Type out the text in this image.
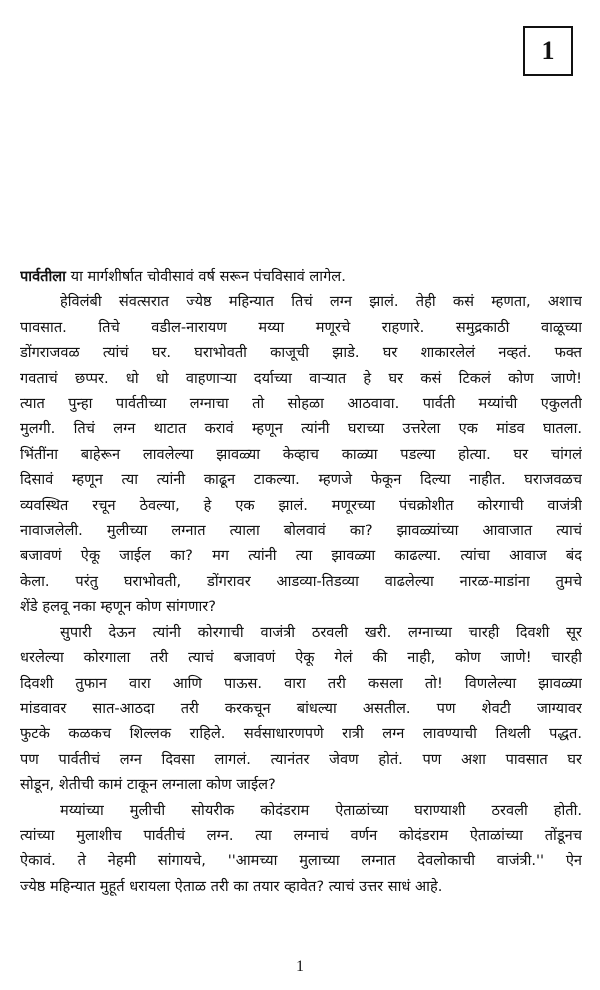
1
पार्वतीला या मार्गशीर्षात चोवीसावं वर्ष सरून पंचविसावं लागेल.
हेविलंबी संवत्सरात ज्येष्ठ महिन्यात तिचं लग्न झालं. तेही कसं म्हणता, अशाच
पावसात. तिचे वडील-नारायण मय्या मणूरचे राहणारे. समुद्रकाठी वाळूच्या
डोंगराजवळ त्यांचं घर. घराभोवती काजूची झाडे. घर शाकारलेलं नव्हतं. फक्त
गवताचं छप्पर. धो धो वाहणाऱ्या दर्याच्या वाऱ्यात हे घर कसं टिकलं कोण जाणे!
त्यात पुन्हा पार्वतीच्या लग्नाचा तो सोहळा आठवावा. पार्वती मय्यांची एकुलती
मुलगी. तिचं लग्न थाटात करावं म्हणून त्यांनी घराच्या उत्तरेला एक मांडव घातला.
भिंतींना बाहेरून लावलेल्या झावळ्या केव्हाच काळ्या पडल्या होत्या. घर चांगलं
दिसावं म्हणून त्या त्यांनी काढून टाकल्या. म्हणजे फेकून दिल्या नाहीत. घराजवळच
व्यवस्थित रचून ठेवल्या, हे एक झालं. मणूरच्या पंचक्रोशीत कोरगाची वाजंत्री
नावाजलेली. मुलीच्या लग्नात त्याला बोलवावं का? झावळ्यांच्या आवाजात त्याचं
बजावणं ऐकू जाईल का? मग त्यांनी त्या झावळ्या काढल्या. त्यांचा आवाज बंद
केला. परंतु घराभोवती, डोंगरावर आडव्या-तिडव्या वाढलेल्या नारळ-माडांना तुमचे
शेंडे हलवू नका म्हणून कोण सांगणार?
सुपारी देऊन त्यांनी कोरगाची वाजंत्री ठरवली खरी. लग्नाच्या चारही दिवशी सूर
धरलेल्या कोरगाला तरी त्याचं बजावणं ऐकू गेलं की नाही, कोण जाणे! चारही
दिवशी तुफान वारा आणि पाऊस. वारा तरी कसला तो! विणलेल्या झावळ्या
मांडवावर सात-आठदा तरी करकचून बांधल्या असतील. पण शेवटी जाग्यावर
फुटके कळकच शिल्लक राहिले. सर्वसाधारणपणे रात्री लग्न लावण्याची तिथली पद्धत.
पण पार्वतीचं लग्न दिवसा लागलं. त्यानंतर जेवण होतं. पण अशा पावसात घर
सोडून, शेतीची कामं टाकून लग्नाला कोण जाईल?
मय्यांच्या मुलीची सोयरीक कोदंडराम ऐताळांच्या घराण्याशी ठरवली होती.
त्यांच्या मुलाशीच पार्वतीचं लग्न. त्या लग्नाचं वर्णन कोदंडराम ऐताळांच्या तोंडूनच
ऐकावं. ते नेहमी सांगायचे, ''आमच्या मुलाच्या लग्नात देवलोकाची वाजंत्री.'' ऐन
ज्येष्ठ महिन्यात मुहूर्त धरायला ऐताळ तरी का तयार व्हावेत? त्याचं उत्तर साधं आहे.
1
